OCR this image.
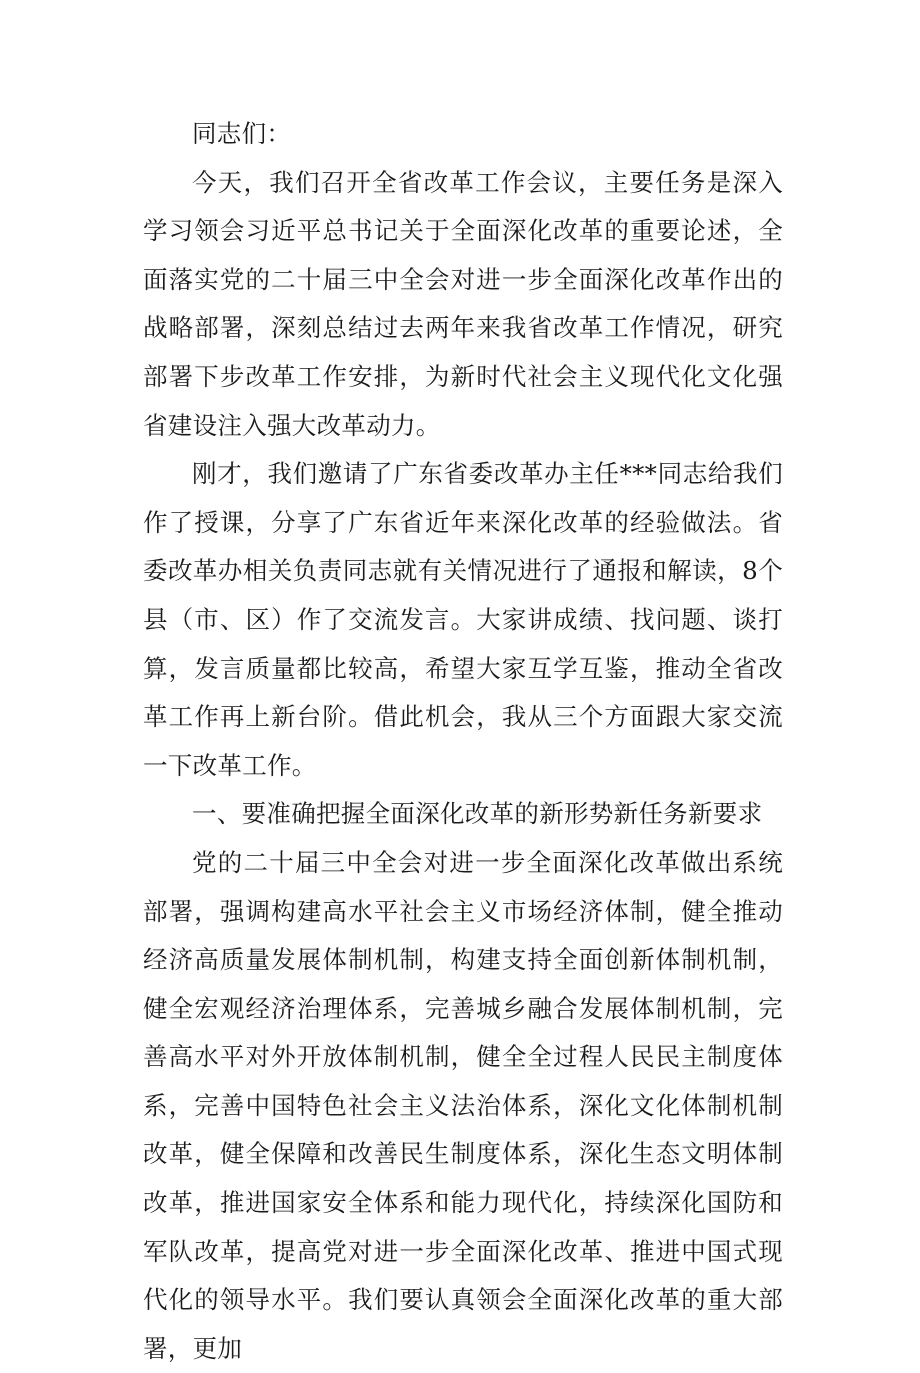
同志们：

今天，我们召开全省改革工作会议，主要任务是深入学习领会习近平总书记关于全面深化改革的重要论述，全面落实党的二十届三中全会对进一步全面深化改革作出的战略部署，深刻总结过去两年来我省改革工作情况，研究部署下步改革工作安排，为新时代社会主义现代化文化强省建设注入强大改革动力。

刚才，我们邀请了广东省委改革办主任***同志给我们作了授课，分享了广东省近年来深化改革的经验做法。省委改革办相关负责同志就有关情况进行了通报和解读，8个县（市、区）作了交流发言。大家讲成绩、找问题、谈打算，发言质量都比较高，希望大家互学互鉴，推动全省改革工作再上新台阶。借此机会，我从三个方面跟大家交流一下改革工作。

一、要准确把握全面深化改革的新形势新任务新要求

党的二十届三中全会对进一步全面深化改革做出系统部署，强调构建高水平社会主义市场经济体制，健全推动经济高质量发展体制机制，构建支持全面创新体制机制，健全宏观经济治理体系，完善城乡融合发展体制机制，完善高水平对外开放体制机制，健全全过程人民民主制度体系，完善中国特色社会主义法治体系，深化文化体制机制改革，健全保障和改善民生制度体系，深化生态文明体制改革，推进国家安全体系和能力现代化，持续深化国防和军队改革，提高党对进一步全面深化改革、推进中国式现代化的领导水平。我们要认真领会全面深化改革的重大部署，更加
